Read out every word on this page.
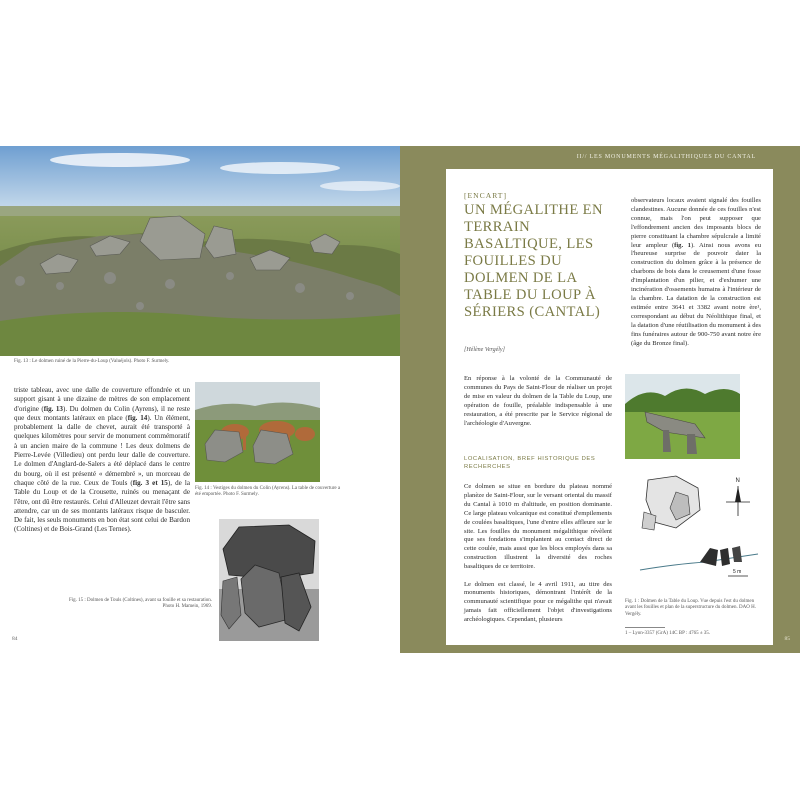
Fig. 13 : Le dolmen ruiné de la Pierre-du-Loup (Valuéjols). Photo F. Surmely.
triste tableau, avec une dalle de couverture effondrée et un support gisant à une dizaine de mètres de son emplacement d'origine (fig. 13). Du dolmen du Colin (Ayrens), il ne reste que deux montants latéraux en place (fig. 14). Un élément, probablement la dalle de chevet, aurait été transporté à quelques kilomètres pour servir de monument commémoratif à un ancien maire de la commune ! Les deux dolmens de Pierre-Levée (Villedieu) ont perdu leur dalle de couverture. Le dolmen d'Anglard-de-Salers a été déplacé dans le centre du bourg, où il est présenté « démembré », un morceau de chaque côté de la rue. Ceux de Touls (fig. 3 et 15), de la Table du Loup et de la Crousette, ruinés ou menaçant de l'être, ont dû être restaurés. Celui d'Alleuzet devrait l'être sans attendre, car un de ses montants latéraux risque de basculer. De fait, les seuls monuments en bon état sont celui de Bardon (Coltines) et de Bois-Grand (Les Ternes).
Fig. 14 : Vestiges du dolmen du Colin (Ayrens). La table de couverture a été emportée. Photo F. Surmely.
Fig. 15 : Dolmen de Touls (Coltines), avant sa fouille et sa restauration. Photo H. Mamein, 1969.
84
II// LES MONUMENTS MÉGALITHIQUES DU CANTAL
85
[ENCART]
UN MÉGALITHE EN TERRAIN BASALTIQUE, LES FOUILLES DU DOLMEN DE LA TABLE DU LOUP À SÉRIERS (CANTAL)
[Hélène Vergély]
observateurs locaux avaient signalé des fouilles clandestines. Aucune donnée de ces fouilles n'est connue, mais l'on peut supposer que l'effondrement ancien des imposants blocs de pierre constituant la chambre sépulcrale a limité leur ampleur (fig. 1). Ainsi nous avons eu l'heureuse surprise de pouvoir dater la construction du dolmen grâce à la présence de charbons de bois dans le creusement d'une fosse d'implantation d'un pilier, et d'exhumer une incinération d'ossements humains à l'intérieur de la chambre. La datation de la construction est estimée entre 3641 et 3382 avant notre ère¹, correspondant au début du Néolithique final, et la datation d'une réutilisation du monument à des fins funéraires autour de 900-750 avant notre ère (âge du Bronze final).
En réponse à la volonté de la Communauté de communes du Pays de Saint-Flour de réaliser un projet de mise en valeur du dolmen de la Table du Loup, une opération de fouille, préalable indispensable à une restauration, a été prescrite par le Service régional de l'archéologie d'Auvergne.
LOCALISATION, BREF HISTORIQUE DES RECHERCHES

Ce dolmen se situe en bordure du plateau nommé planèze de Saint-Flour, sur le versant oriental du massif du Cantal à 1010 m d'altitude, en position dominante. Ce large plateau volcanique est constitué d'empilements de coulées basaltiques, l'une d'entre elles affleure sur le site. Les fouilles du monument mégalithique révèlent que ses fondations s'implantent au contact direct de cette coulée, mais aussi que les blocs employés dans sa construction illustrent la diversité des roches basaltiques de ce territoire.

Le dolmen est classé, le 4 avril 1911, au titre des monuments historiques, démontrant l'intérêt de la communauté scientifique pour ce mégalithe qui n'avait jamais fait officiellement l'objet d'investigations archéologiques. Cependant, plusieurs

N
5 m
Fig. 1 : Dolmen de la Table du Loup. Vue depuis l'est du dolmen avant les fouilles et plan de la superstructure du dolmen. DAO H. Vergély.
1 – Lyon-3357 (GrA) 14C BP : 4765 ± 35.
